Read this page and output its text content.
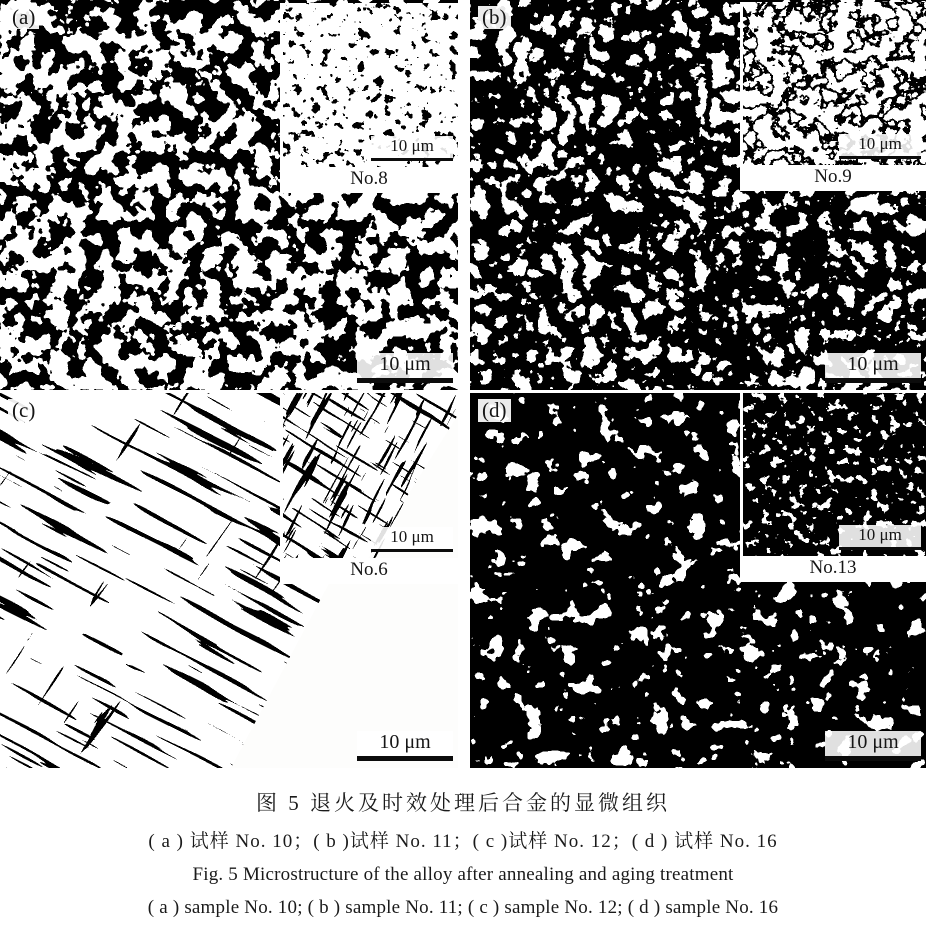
(a)
10 μm
No.8
10 μm
(b)
10 μm
No.9
10 μm
(c)
10 μm
No.6
10 μm
(d)
10 μm
No.13
10 μm
图 5 退火及时效处理后合金的显微组织
( a ) 试样 No. 10；( b )试样 No. 11；( c )试样 No. 12；( d ) 试样 No. 16
Fig. 5 Microstructure of the alloy after annealing and aging treatment
( a ) sample No. 10; ( b ) sample No. 11; ( c ) sample No. 12; ( d ) sample No. 16
